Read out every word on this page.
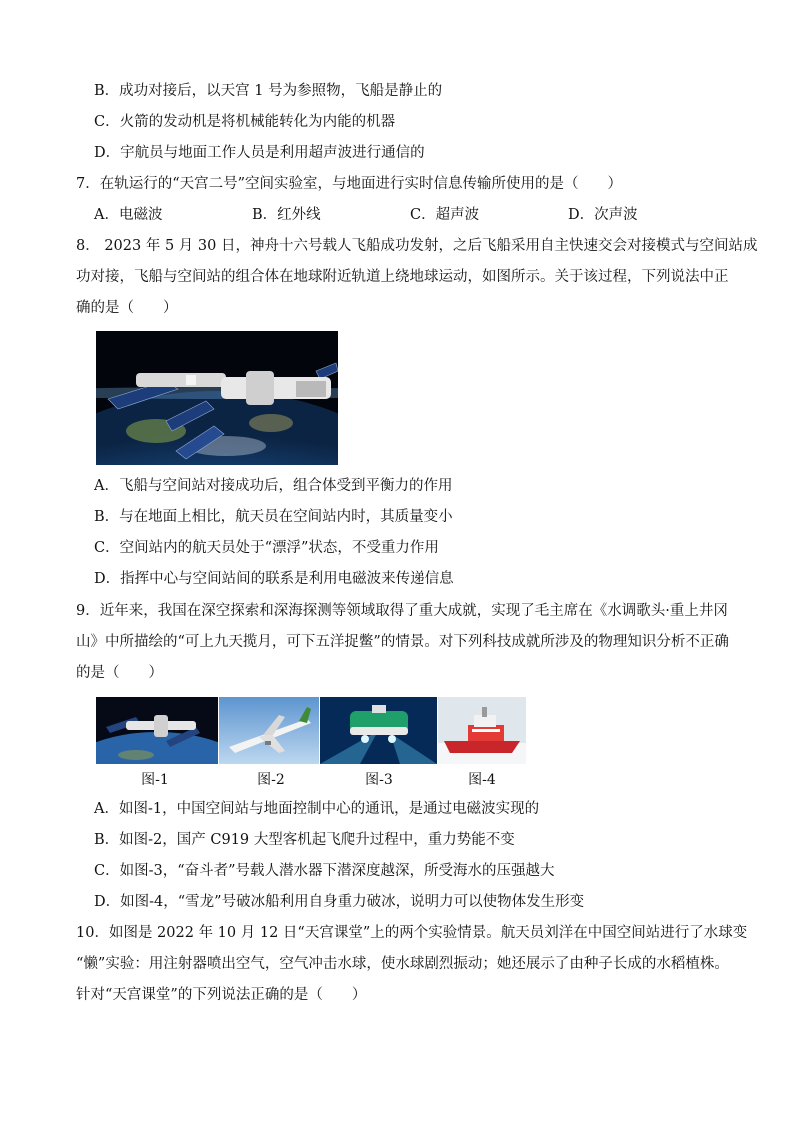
B．成功对接后，以天宫 1 号为参照物，飞船是静止的
C．火箭的发动机是将机械能转化为内能的机器
D．宇航员与地面工作人员是利用超声波进行通信的
7．在轨运行的“天宫二号”空间实验室，与地面进行实时信息传输所使用的是（　　）
A．电磁波	B．红外线	C．超声波	D．次声波
8． 2023 年 5 月 30 日，神舟十六号载人飞船成功发射，之后飞船采用自主快速交会对接模式与空间站成
功对接，飞船与空间站的组合体在地球附近轨道上绕地球运动，如图所示。关于该过程，下列说法中正
确的是（　　）
A．飞船与空间站对接成功后，组合体受到平衡力的作用
B．与在地面上相比，航天员在空间站内时，其质量变小
C．空间站内的航天员处于“漂浮”状态，不受重力作用
D．指挥中心与空间站间的联系是利用电磁波来传递信息
9．近年来，我国在深空探索和深海探测等领域取得了重大成就，实现了毛主席在《水调歌头·重上井冈
山》中所描绘的“可上九天揽月，可下五洋捉鳖”的情景。对下列科技成就所涉及的物理知识分析不正确
的是（　　）
图-1	图-2	图-3	图-4
A．如图-1，中国空间站与地面控制中心的通讯，是通过电磁波实现的
B．如图-2，国产 C919 大型客机起飞爬升过程中，重力势能不变
C．如图-3，“奋斗者”号载人潜水器下潜深度越深，所受海水的压强越大
D．如图-4，“雪龙”号破冰船利用自身重力破冰，说明力可以使物体发生形变
10．如图是 2022 年 10 月 12 日“天宫课堂”上的两个实验情景。航天员刘洋在中国空间站进行了水球变
“懒”实验：用注射器喷出空气，空气冲击水球，使水球剧烈振动；她还展示了由种子长成的水稻植株。
针对“天宫课堂”的下列说法正确的是（　　）
